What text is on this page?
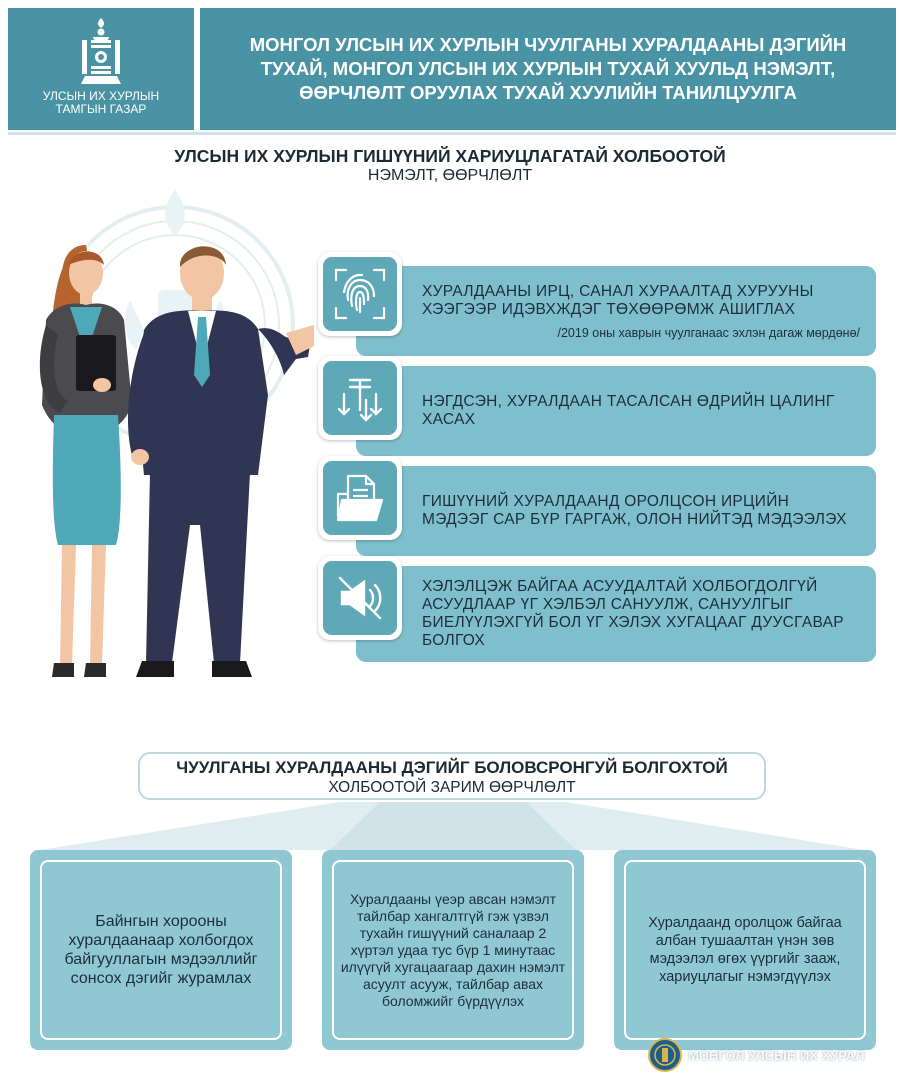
УЛСЫН ИХ ХУРЛЫН
ТАМГЫН ГАЗАР
МОНГОЛ УЛСЫН ИХ ХУРЛЫН ЧУУЛГАНЫ ХУРАЛДААНЫ ДЭГИЙН ТУХАЙ, МОНГОЛ УЛСЫН ИХ ХУРЛЫН ТУХАЙ ХУУЛЬД НЭМЭЛТ, ӨӨРЧЛӨЛТ ОРУУЛАХ ТУХАЙ ХУУЛИЙН ТАНИЛЦУУЛГА
УЛСЫН ИХ ХУРЛЫН ГИШҮҮНИЙ ХАРИУЦЛАГАТАЙ ХОЛБООТОЙ
НЭМЭЛТ, ӨӨРЧЛӨЛТ
ХУРАЛДААНЫ ИРЦ, САНАЛ ХУРААЛТАД ХУРУУНЫ ХЭЭГЭЭР ИДЭВХЖДЭГ ТӨХӨӨРӨМЖ АШИГЛАХ
/2019 оны хаврын чуулганаас эхлэн дагаж мөрдөнө/
НЭГДСЭН, ХУРАЛДААН ТАСАЛСАН ӨДРИЙН ЦАЛИНГ ХАСАХ
ГИШҮҮНИЙ ХУРАЛДААНД ОРОЛЦСОН ИРЦИЙН МЭДЭЭГ САР БҮР ГАРГАЖ, ОЛОН НИЙТЭД МЭДЭЭЛЭХ
ХЭЛЭЛЦЭЖ БАЙГАА АСУУДАЛТАЙ ХОЛБОГДОЛГҮЙ АСУУДЛААР ҮГ ХЭЛБЭЛ САНУУЛЖ, САНУУЛГЫГ БИЕЛҮҮЛЭХГҮЙ БОЛ ҮГ ХЭЛЭХ ХУГАЦААГ ДУУСГАВАР БОЛГОХ
ЧУУЛГАНЫ ХУРАЛДААНЫ ДЭГИЙГ БОЛОВСРОНГУЙ БОЛГОХТОЙ
ХОЛБООТОЙ ЗАРИМ ӨӨРЧЛӨЛТ
Байнгын хорооны хуралдаанаар холбогдох байгууллагын мэдээллийг сонсох дэгийг журамлах
Хуралдааны үеэр авсан нэмэлт тайлбар хангалтгүй гэж үзвэл тухайн гишүүний саналаар 2 хүртэл удаа тус бүр 1 минутаас илүүгүй хугацаагаар дахин нэмэлт асуулт асууж, тайлбар авах боломжийг бүрдүүлэх
Хуралдаанд оролцож байгаа албан тушаалтан үнэн зөв мэдээлэл өгөх үүргийг зааж, хариуцлагыг нэмэгдүүлэх
МОНГОЛ УЛСЫН ИХ ХУРАЛ
